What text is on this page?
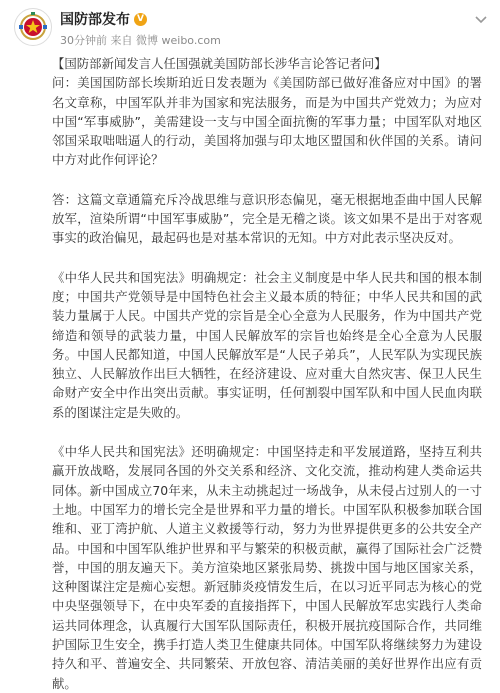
国防部发布 V
30分钟前 来自 微博 weibo.com

【国防部新闻发言人任国强就美国防部长涉华言论答记者问】

问：美国国防部长埃斯珀近日发表题为《美国防部已做好准备应对中国》的署名文章称，中国军队并非为国家和宪法服务，而是为中国共产党效力；为应对中国“军事威胁”，美需建设一支与中国全面抗衡的军事力量；中国军队对地区邻国采取咄咄逼人的行动，美国将加强与印太地区盟国和伙伴国的关系。请问中方对此作何评论？

答：这篇文章通篇充斥冷战思维与意识形态偏见，毫无根据地歪曲中国人民解放军，渲染所谓“中国军事威胁”，完全是无稽之谈。该文如果不是出于对客观事实的政治偏见，最起码也是对基本常识的无知。中方对此表示坚决反对。

《中华人民共和国宪法》明确规定：社会主义制度是中华人民共和国的根本制度；中国共产党领导是中国特色社会主义最本质的特征；中华人民共和国的武装力量属于人民。中国共产党的宗旨是全心全意为人民服务，作为中国共产党缔造和领导的武装力量，中国人民解放军的宗旨也始终是全心全意为人民服务。中国人民都知道，中国人民解放军是“人民子弟兵”，人民军队为实现民族独立、人民解放作出巨大牺牲，在经济建设、应对重大自然灾害、保卫人民生命财产安全中作出突出贡献。事实证明，任何割裂中国军队和中国人民血肉联系的图谋注定是失败的。

《中华人民共和国宪法》还明确规定：中国坚持走和平发展道路，坚持互利共赢开放战略，发展同各国的外交关系和经济、文化交流，推动构建人类命运共同体。新中国成立70年来，从未主动挑起过一场战争，从未侵占过别人的一寸土地。中国军力的增长完全是世界和平力量的增长。中国军队积极参加联合国维和、亚丁湾护航、人道主义救援等行动，努力为世界提供更多的公共安全产品。中国和中国军队维护世界和平与繁荣的积极贡献，赢得了国际社会广泛赞誉，中国的朋友遍天下。美方渲染地区紧张局势、挑拨中国与地区国家关系，这种图谋注定是痴心妄想。新冠肺炎疫情发生后，在以习近平同志为核心的党中央坚强领导下，在中央军委的直接指挥下，中国人民解放军忠实践行人类命运共同体理念，认真履行大国军队国际责任，积极开展抗疫国际合作，共同维护国际卫生安全，携手打造人类卫生健康共同体。中国军队将继续努力为建设持久和平、普遍安全、共同繁荣、开放包容、清洁美丽的美好世界作出应有贡献。
